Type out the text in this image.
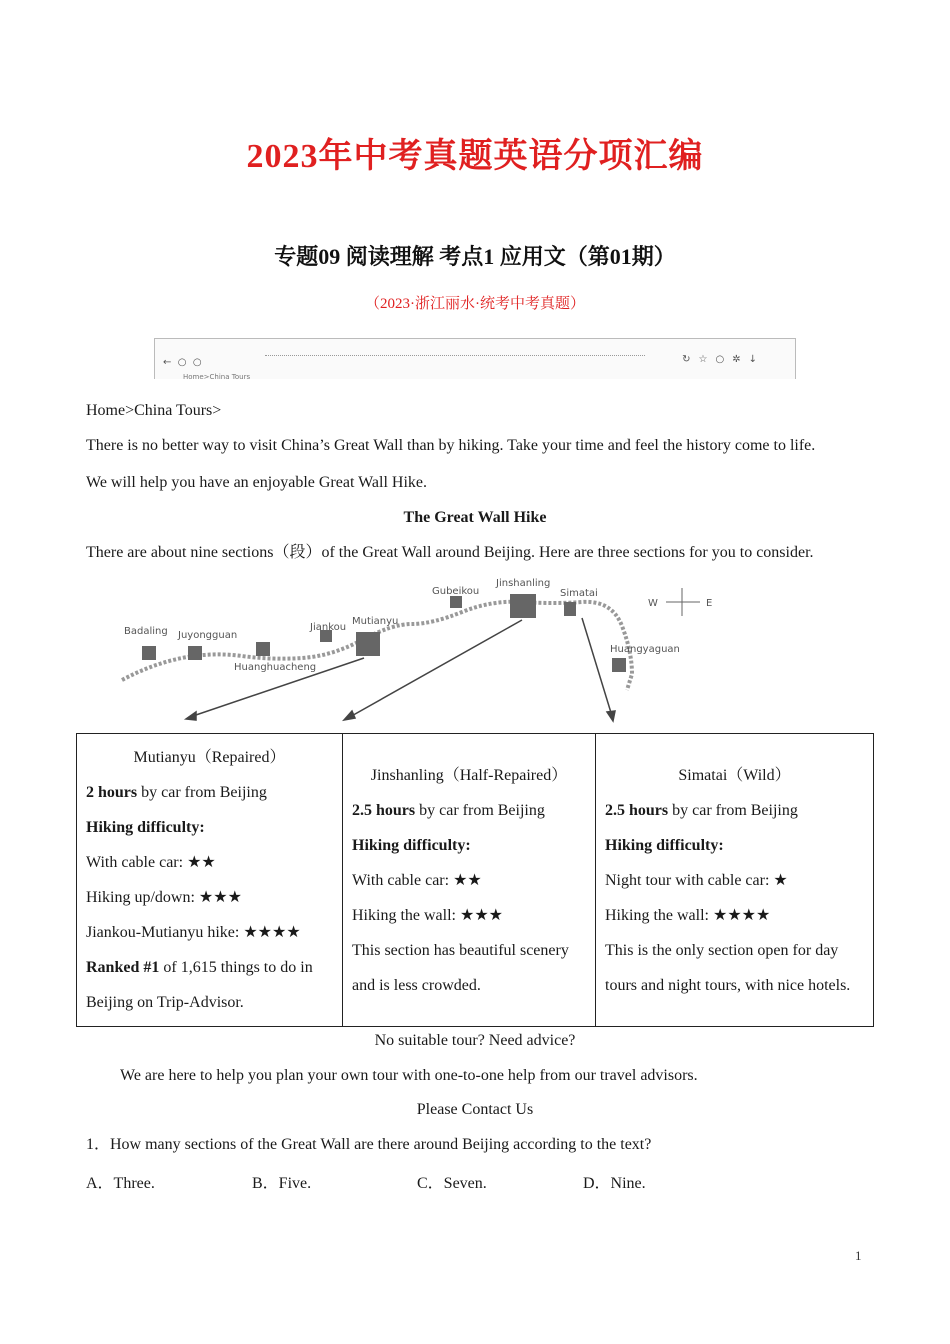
2023年中考真题英语分项汇编
专题09 阅读理解 考点1 应用文（第01期）
（2023·浙江丽水·统考中考真题）
← ○ ○	↻☆○✲↓
Home>China Tours
Home>China Tours>
There is no better way to visit China’s Great Wall than by hiking. Take your time and feel the history come to life.
We will help you have an enjoyable Great Wall Hike.
The Great Wall Hike
There are about nine sections（段）of the Great Wall around Beijing. Here are three sections for you to consider.
Badaling Juyongguan
Huanghuacheng
Jiankou
Mutianyu
Gubeikou
Jinshanling
Simatai
Huangyaguan
W	E
Mutianyu（Repaired）
2 hours by car from Beijing
Hiking difficulty:
With cable car: ★★
Hiking up/down: ★★★
Jiankou-Mutianyu hike: ★★★★
Ranked #1 of 1,615 things to do in
Beijing on Trip-Advisor.

Jinshanling（Half-Repaired）
2.5 hours by car from Beijing
Hiking difficulty:
With cable car: ★★
Hiking the wall: ★★★
This section has beautiful scenery
and is less crowded.

Simatai（Wild）
2.5 hours by car from Beijing
Hiking difficulty:
Night tour with cable car: ★
Hiking the wall: ★★★★
This is the only section open for day
tours and night tours, with nice hotels.
No suitable tour? Need advice?
We are here to help you plan your own tour with one-to-one help from our travel advisors.
Please Contact Us
1．How many sections of the Great Wall are there around Beijing according to the text?
A．Three.	B．Five.	C．Seven.	D．Nine.
1
